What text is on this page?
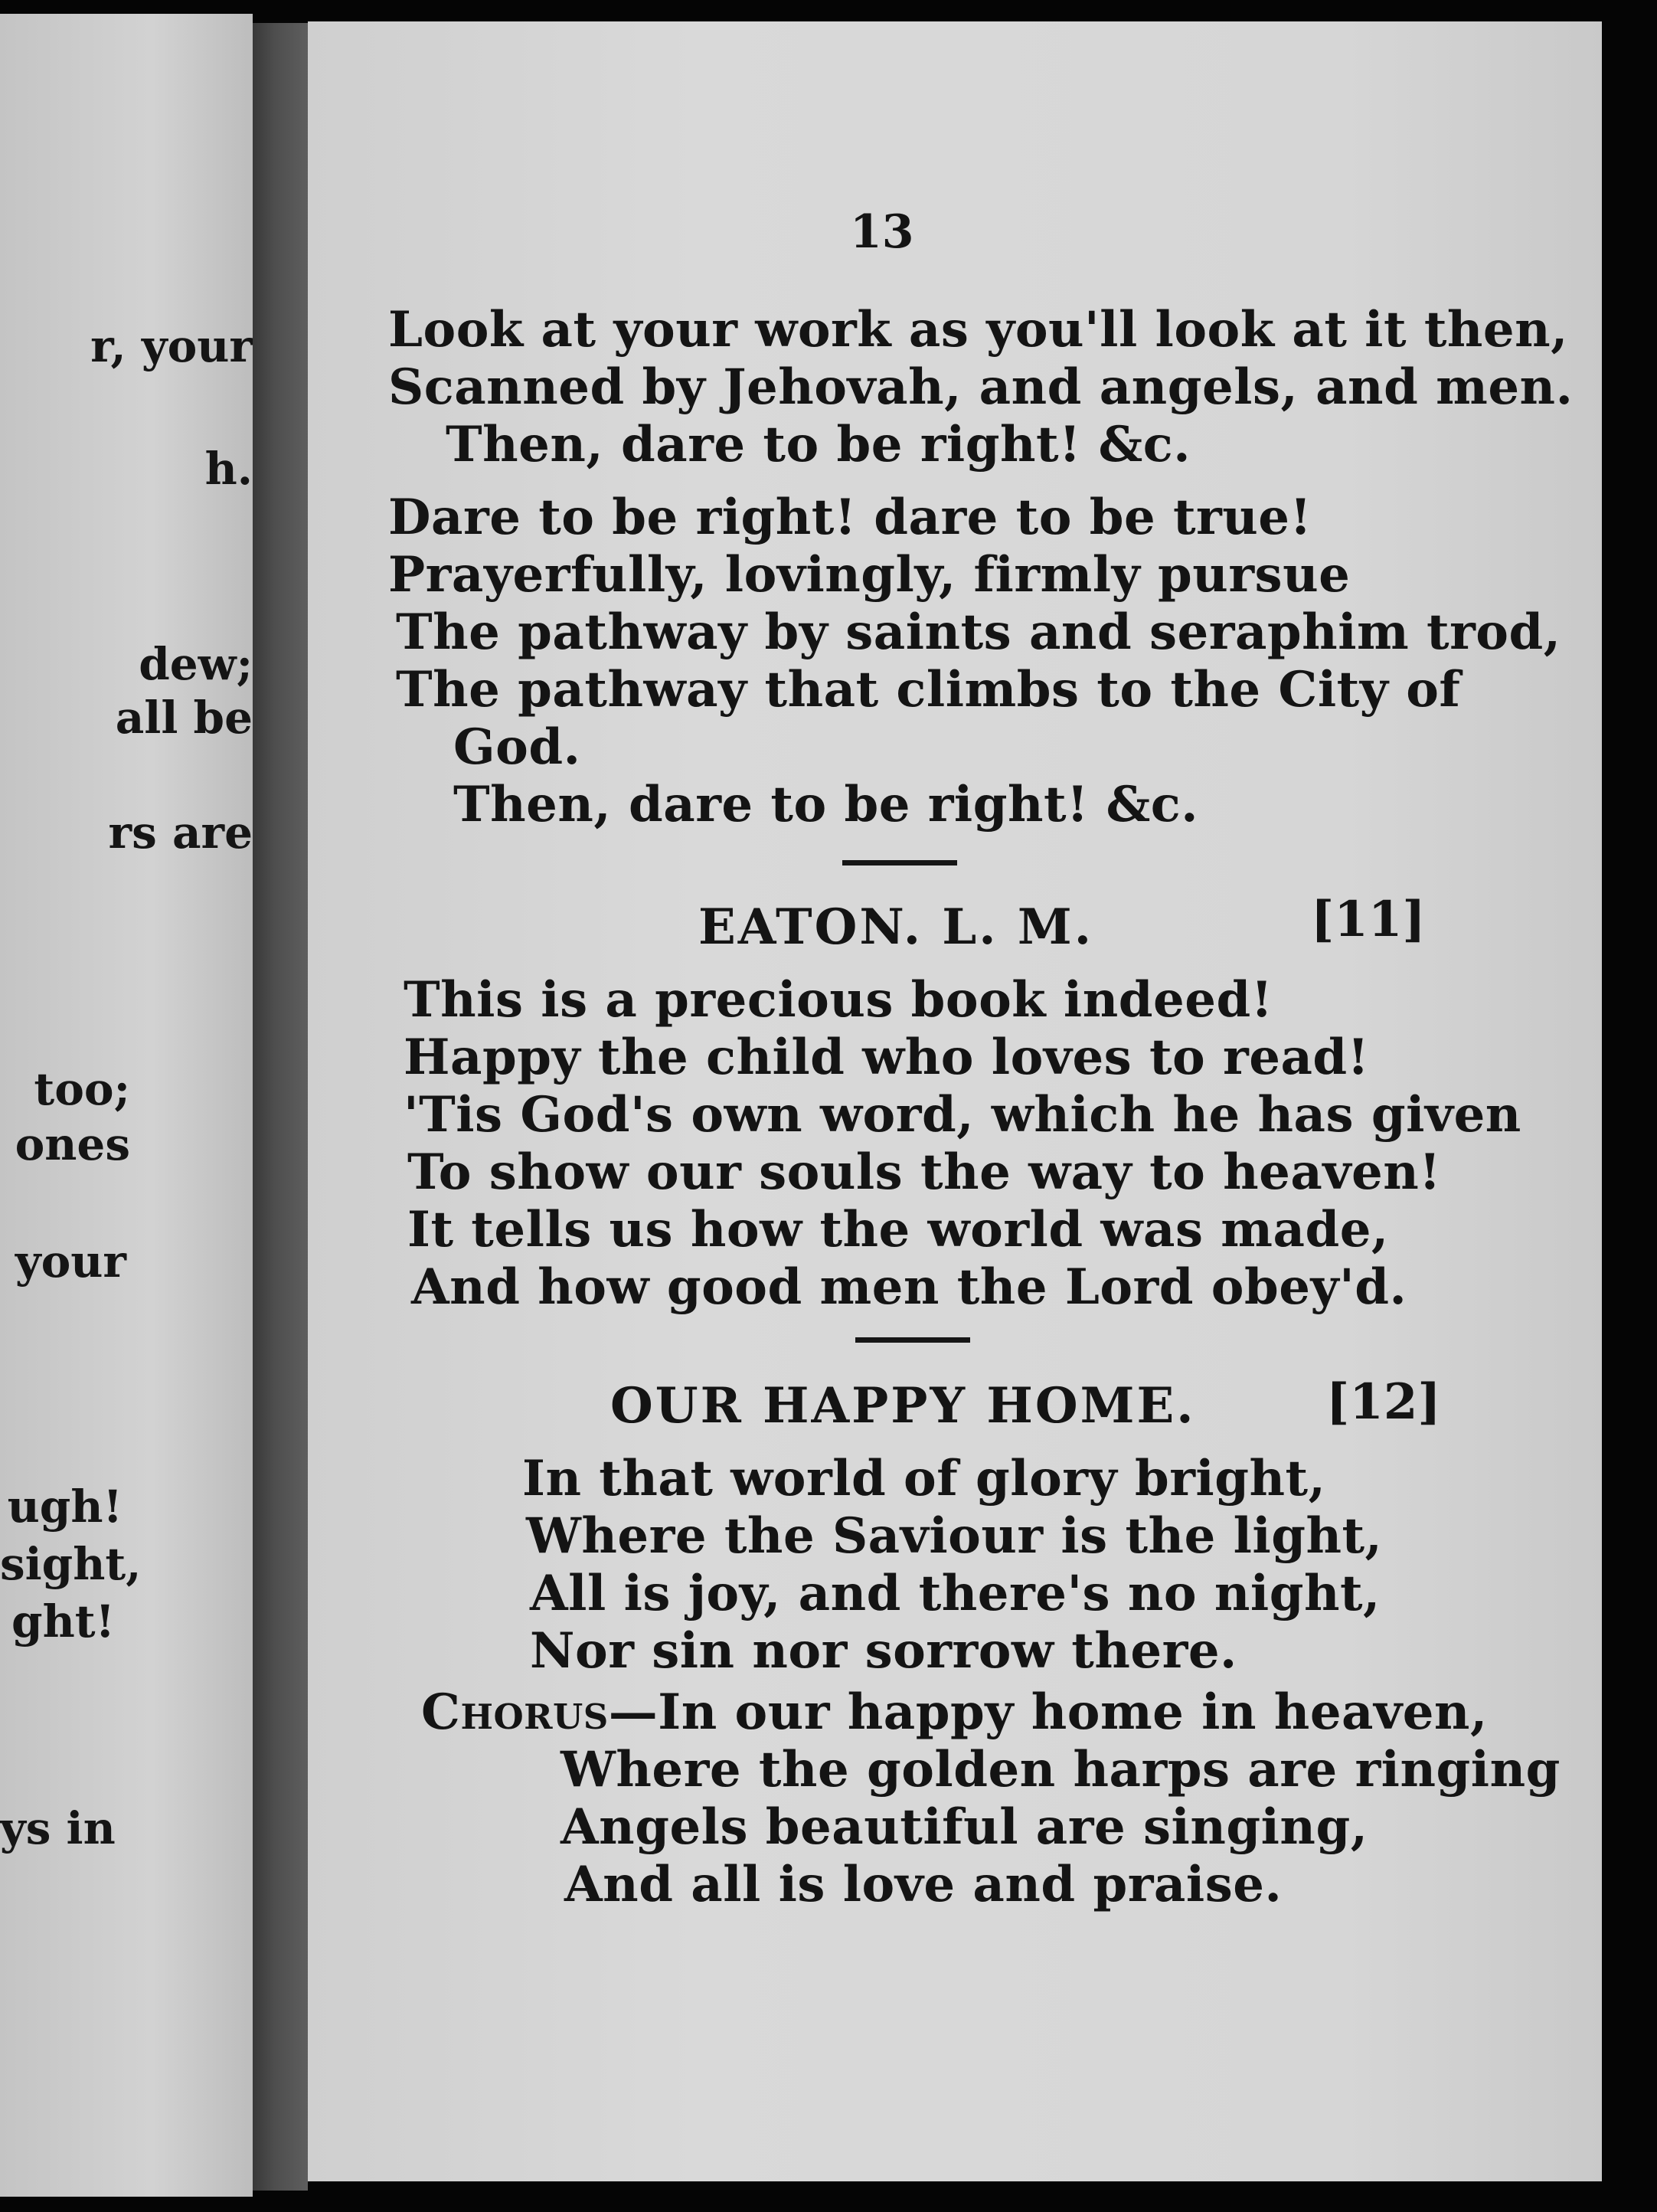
r, your
h.
dew;
all be
rs are
too;
ones
your
ugh!
sight,
ght!
ys in
13
Look at your work as you'll look at it then,
Scanned by Jehovah, and angels, and men.
Then, dare to be right! &c.
Dare to be right! dare to be true!
Prayerfully, lovingly, firmly pursue
The pathway by saints and seraphim trod,
The pathway that climbs to the City of
God.
Then, dare to be right! &c.
EATON. L. M.	[11]
This is a precious book indeed!
Happy the child who loves to read!
'Tis God's own word, which he has given
To show our souls the way to heaven!
It tells us how the world was made,
And how good men the Lord obey'd.
OUR HAPPY HOME.	[12]
In that world of glory bright,
Where the Saviour is the light,
All is joy, and there's no night,
Nor sin nor sorrow there.
Chorus—In our happy home in heaven,
Where the golden harps are ringing
Angels beautiful are singing,
And all is love and praise.
